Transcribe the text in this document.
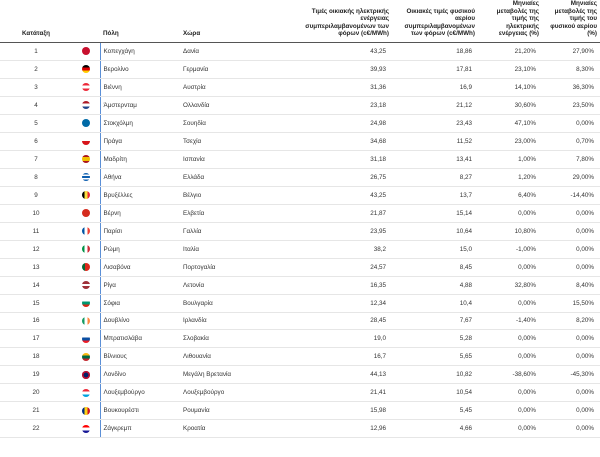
Κατάταξη		Πόλη	Χώρα	Τιμές οικιακής ηλεκτρικής ενέργειας συμπεριλαμβανομένων των φόρων (c€/MWh)	Οικιακές τιμές φυσικού αερίου συμπεριλαμβανομένων των φόρων (c€/MWh)	Μηνιαίες μεταβολές της τιμής της ηλεκτρικής ενέργειας (%)	Μηνιαίες μεταβολές της τιμής του φυσικού αερίου (%)
1		Κοπεγχάγη	Δανία	43,25	18,86	21,20%	27,90%
2		Βερολίνο	Γερμανία	39,93	17,81	23,10%	8,30%
3		Βιέννη	Αυστρία	31,36	16,9	14,10%	36,30%
4		Άμστερνταμ	Ολλανδία	23,18	21,12	30,60%	23,50%
5		Στοκχόλμη	Σουηδία	24,98	23,43	47,10%	0,00%
6		Πράγα	Τσεχία	34,68	11,52	23,00%	0,70%
7		Μαδρίτη	Ισπανία	31,18	13,41	1,00%	7,80%
8		Αθήνα	Ελλάδα	26,75	8,27	1,20%	29,00%
9		Βρυξέλλες	Βέλγιο	43,25	13,7	6,40%	-14,40%
10		Βέρνη	Ελβετία	21,87	15,14	0,00%	0,00%
11		Παρίσι	Γαλλία	23,95	10,64	10,80%	0,00%
12		Ρώμη	Ιταλία	38,2	15,0	-1,00%	0,00%
13		Λισαβόνα	Πορτογαλία	24,57	8,45	0,00%	0,00%
14		Ρίγα	Λετονία	16,35	4,88	32,80%	8,40%
15		Σόφια	Βουλγαρία	12,34	10,4	0,00%	15,50%
16		Δουβλίνο	Ιρλανδία	28,45	7,67	-1,40%	8,20%
17		Μπρατισλάβα	Σλοβακία	19,0	5,28	0,00%	0,00%
18		Βίλνιους	Λιθουανία	16,7	5,65	0,00%	0,00%
19		Λονδίνο	Μεγάλη Βρετανία	44,13	10,82	-38,60%	-45,30%
20		Λουξεμβούργο	Λουξεμβούργο	21,41	10,54	0,00%	0,00%
21		Βουκουρέστι	Ρουμανία	15,98	5,45	0,00%	0,00%
22		Ζάγκρεμπ	Κροατία	12,96	4,66	0,00%	0,00%
